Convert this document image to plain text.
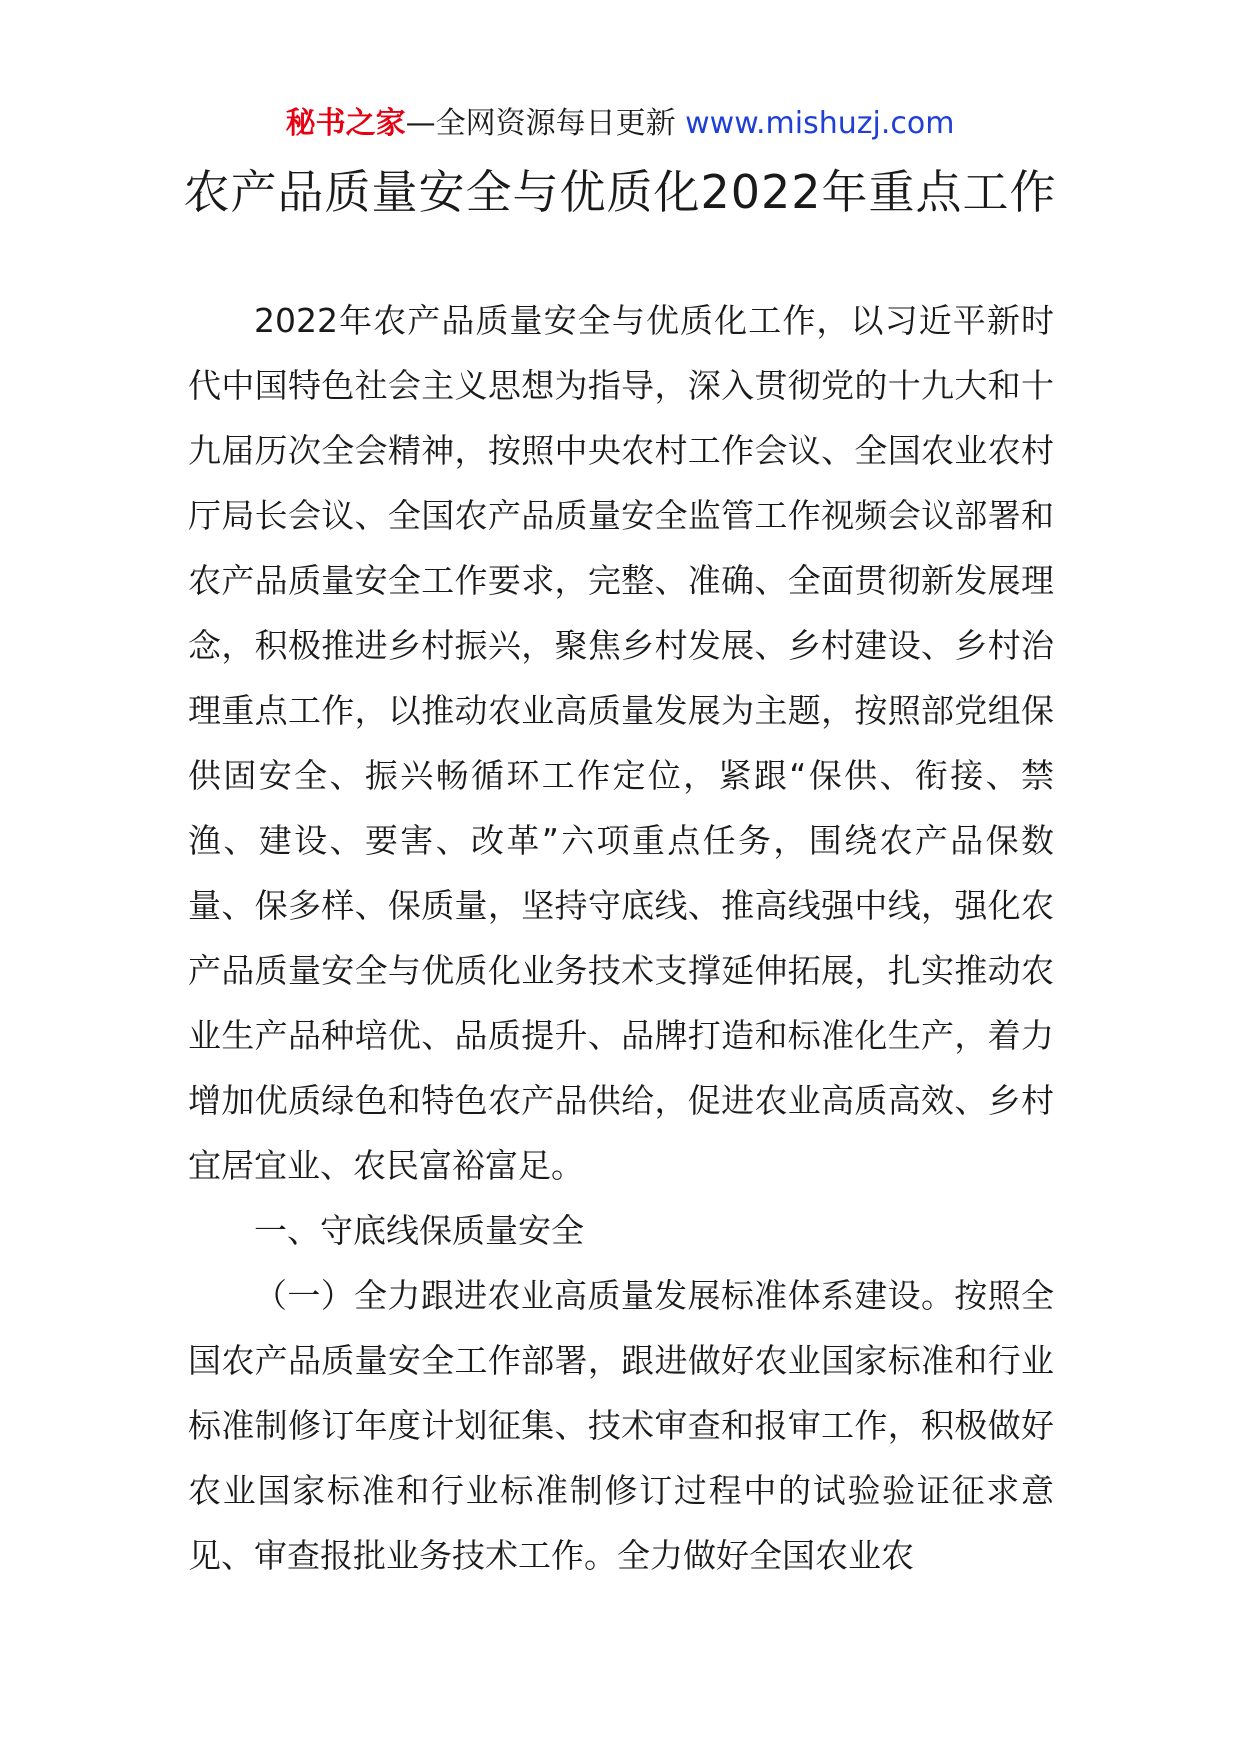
秘书之家—全网资源每日更新 www.mishuzj.com
农产品质量安全与优质化2022年重点工作

2022年农产品质量安全与优质化工作，以习近平新时代中国特色社会主义思想为指导，深入贯彻党的十九大和十九届历次全会精神，按照中央农村工作会议、全国农业农村厅局长会议、全国农产品质量安全监管工作视频会议部署和农产品质量安全工作要求，完整、准确、全面贯彻新发展理念，积极推进乡村振兴，聚焦乡村发展、乡村建设、乡村治理重点工作，以推动农业高质量发展为主题，按照部党组保供固安全、振兴畅循环工作定位，紧跟“保供、衔接、禁渔、建设、要害、改革”六项重点任务，围绕农产品保数量、保多样、保质量，坚持守底线、推高线强中线，强化农产品质量安全与优质化业务技术支撑延伸拓展，扎实推动农业生产品种培优、品质提升、品牌打造和标准化生产，着力增加优质绿色和特色农产品供给，促进农业高质高效、乡村宜居宜业、农民富裕富足。

一、守底线保质量安全

（一）全力跟进农业高质量发展标准体系建设。按照全国农产品质量安全工作部署，跟进做好农业国家标准和行业标准制修订年度计划征集、技术审查和报审工作，积极做好农业国家标准和行业标准制修订过程中的试验验证征求意见、审查报批业务技术工作。全力做好全国农业农
